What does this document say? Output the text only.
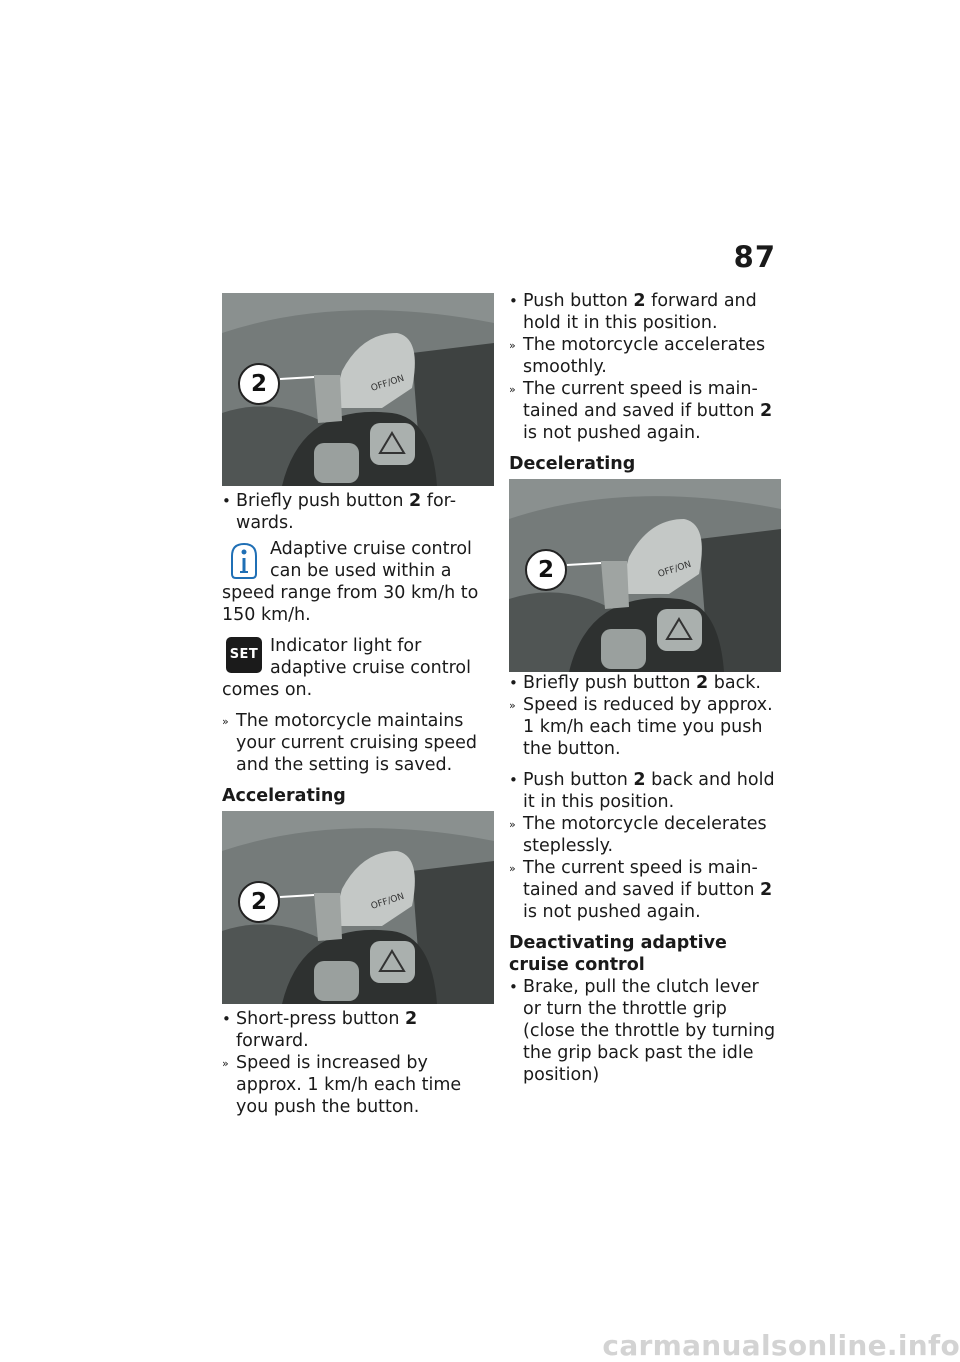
87
OFF/ON
2

• Briefly push button 2 for-wards.

Adaptive cruise control can be used within a speed range from 30 km/h to 150 km/h.
SET Indicator light for adaptive cruise control comes on.

» The motorcycle maintains your current cruising speed and the setting is saved.

Accelerating

OFF/ON
2

• Short-press button 2 forward.

» Speed is increased by approx. 1 km/h each time you push the button.

• Push button 2 forward and hold it in this position.

» The motorcycle accelerates smoothly.

» The current speed is main-tained and saved if button 2 is not pushed again.

Decelerating

OFF/ON
2

• Briefly push button 2 back.

» Speed is reduced by approx. 1 km/h each time you push the button.

• Push button 2 back and hold it in this position.

» The motorcycle decelerates steplessly.

» The current speed is main-tained and saved if button 2 is not pushed again.

Deactivating adaptive cruise control

• Brake, pull the clutch lever or turn the throttle grip (close the throttle by turning the grip back past the idle position)

carmanualsonline.info
